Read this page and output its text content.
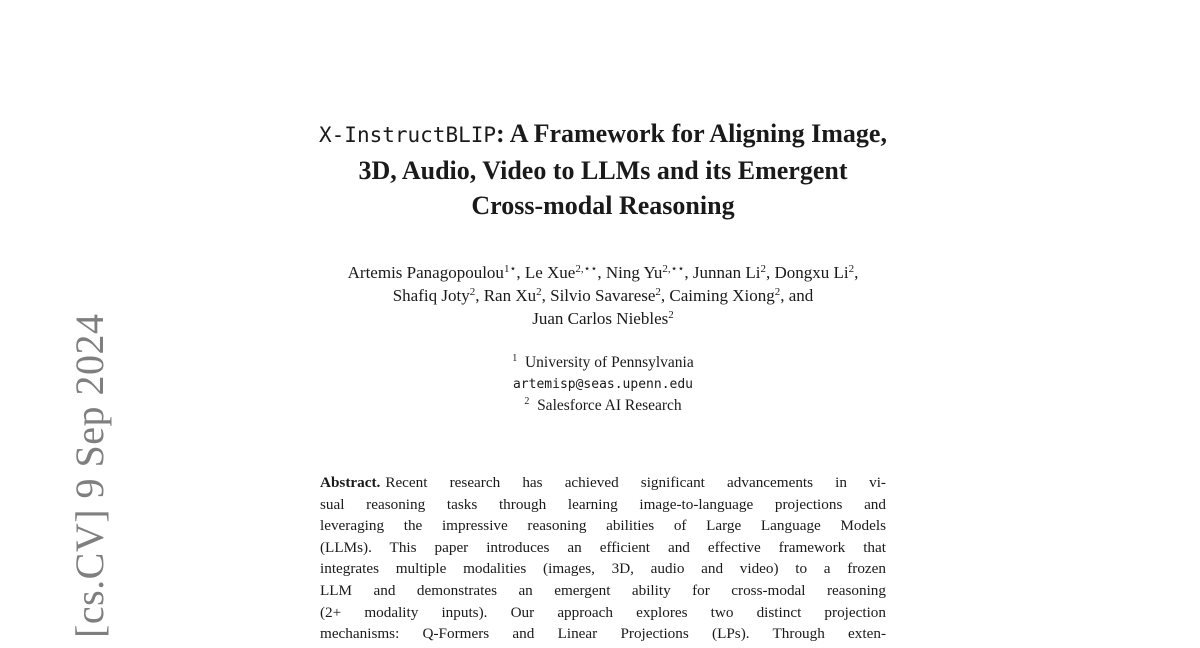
[cs.CV] 9 Sep 2024
X-InstructBLIP: A Framework for Aligning Image,
3D, Audio, Video to LLMs and its Emergent
Cross-modal Reasoning
Artemis Panagopoulou$^{1⋆}$, Le Xue$^{2,⋆⋆}$, Ning $Yu^{2,⋆⋆}$, Junnan Li$^2$, Dongxu Li$^2$,
Shafiq Joty$^2$, Ran Xu$^2$, Silvio Savarese$^2$, Caiming Xiong$^2$, and
Juan Carlos Niebles$^2$
$^1$ University of Pennsylvania
artemisp@seas.upenn.edu
$^2$ Salesforce AI Research
Abstract. Recent research has achieved significant advancements in vi-
sual reasoning tasks through learning image-to-language projections and
leveraging the impressive reasoning abilities of Large Language Models
(LLMs). This paper introduces an efficient and effective framework that
integrates multiple modalities (images, 3D, audio and video) to a frozen
LLM and demonstrates an emergent ability for cross-modal reasoning
(2+ modality inputs). Our approach explores two distinct projection
mechanisms: Q-Formers and Linear Projections (LPs). Through exten-
